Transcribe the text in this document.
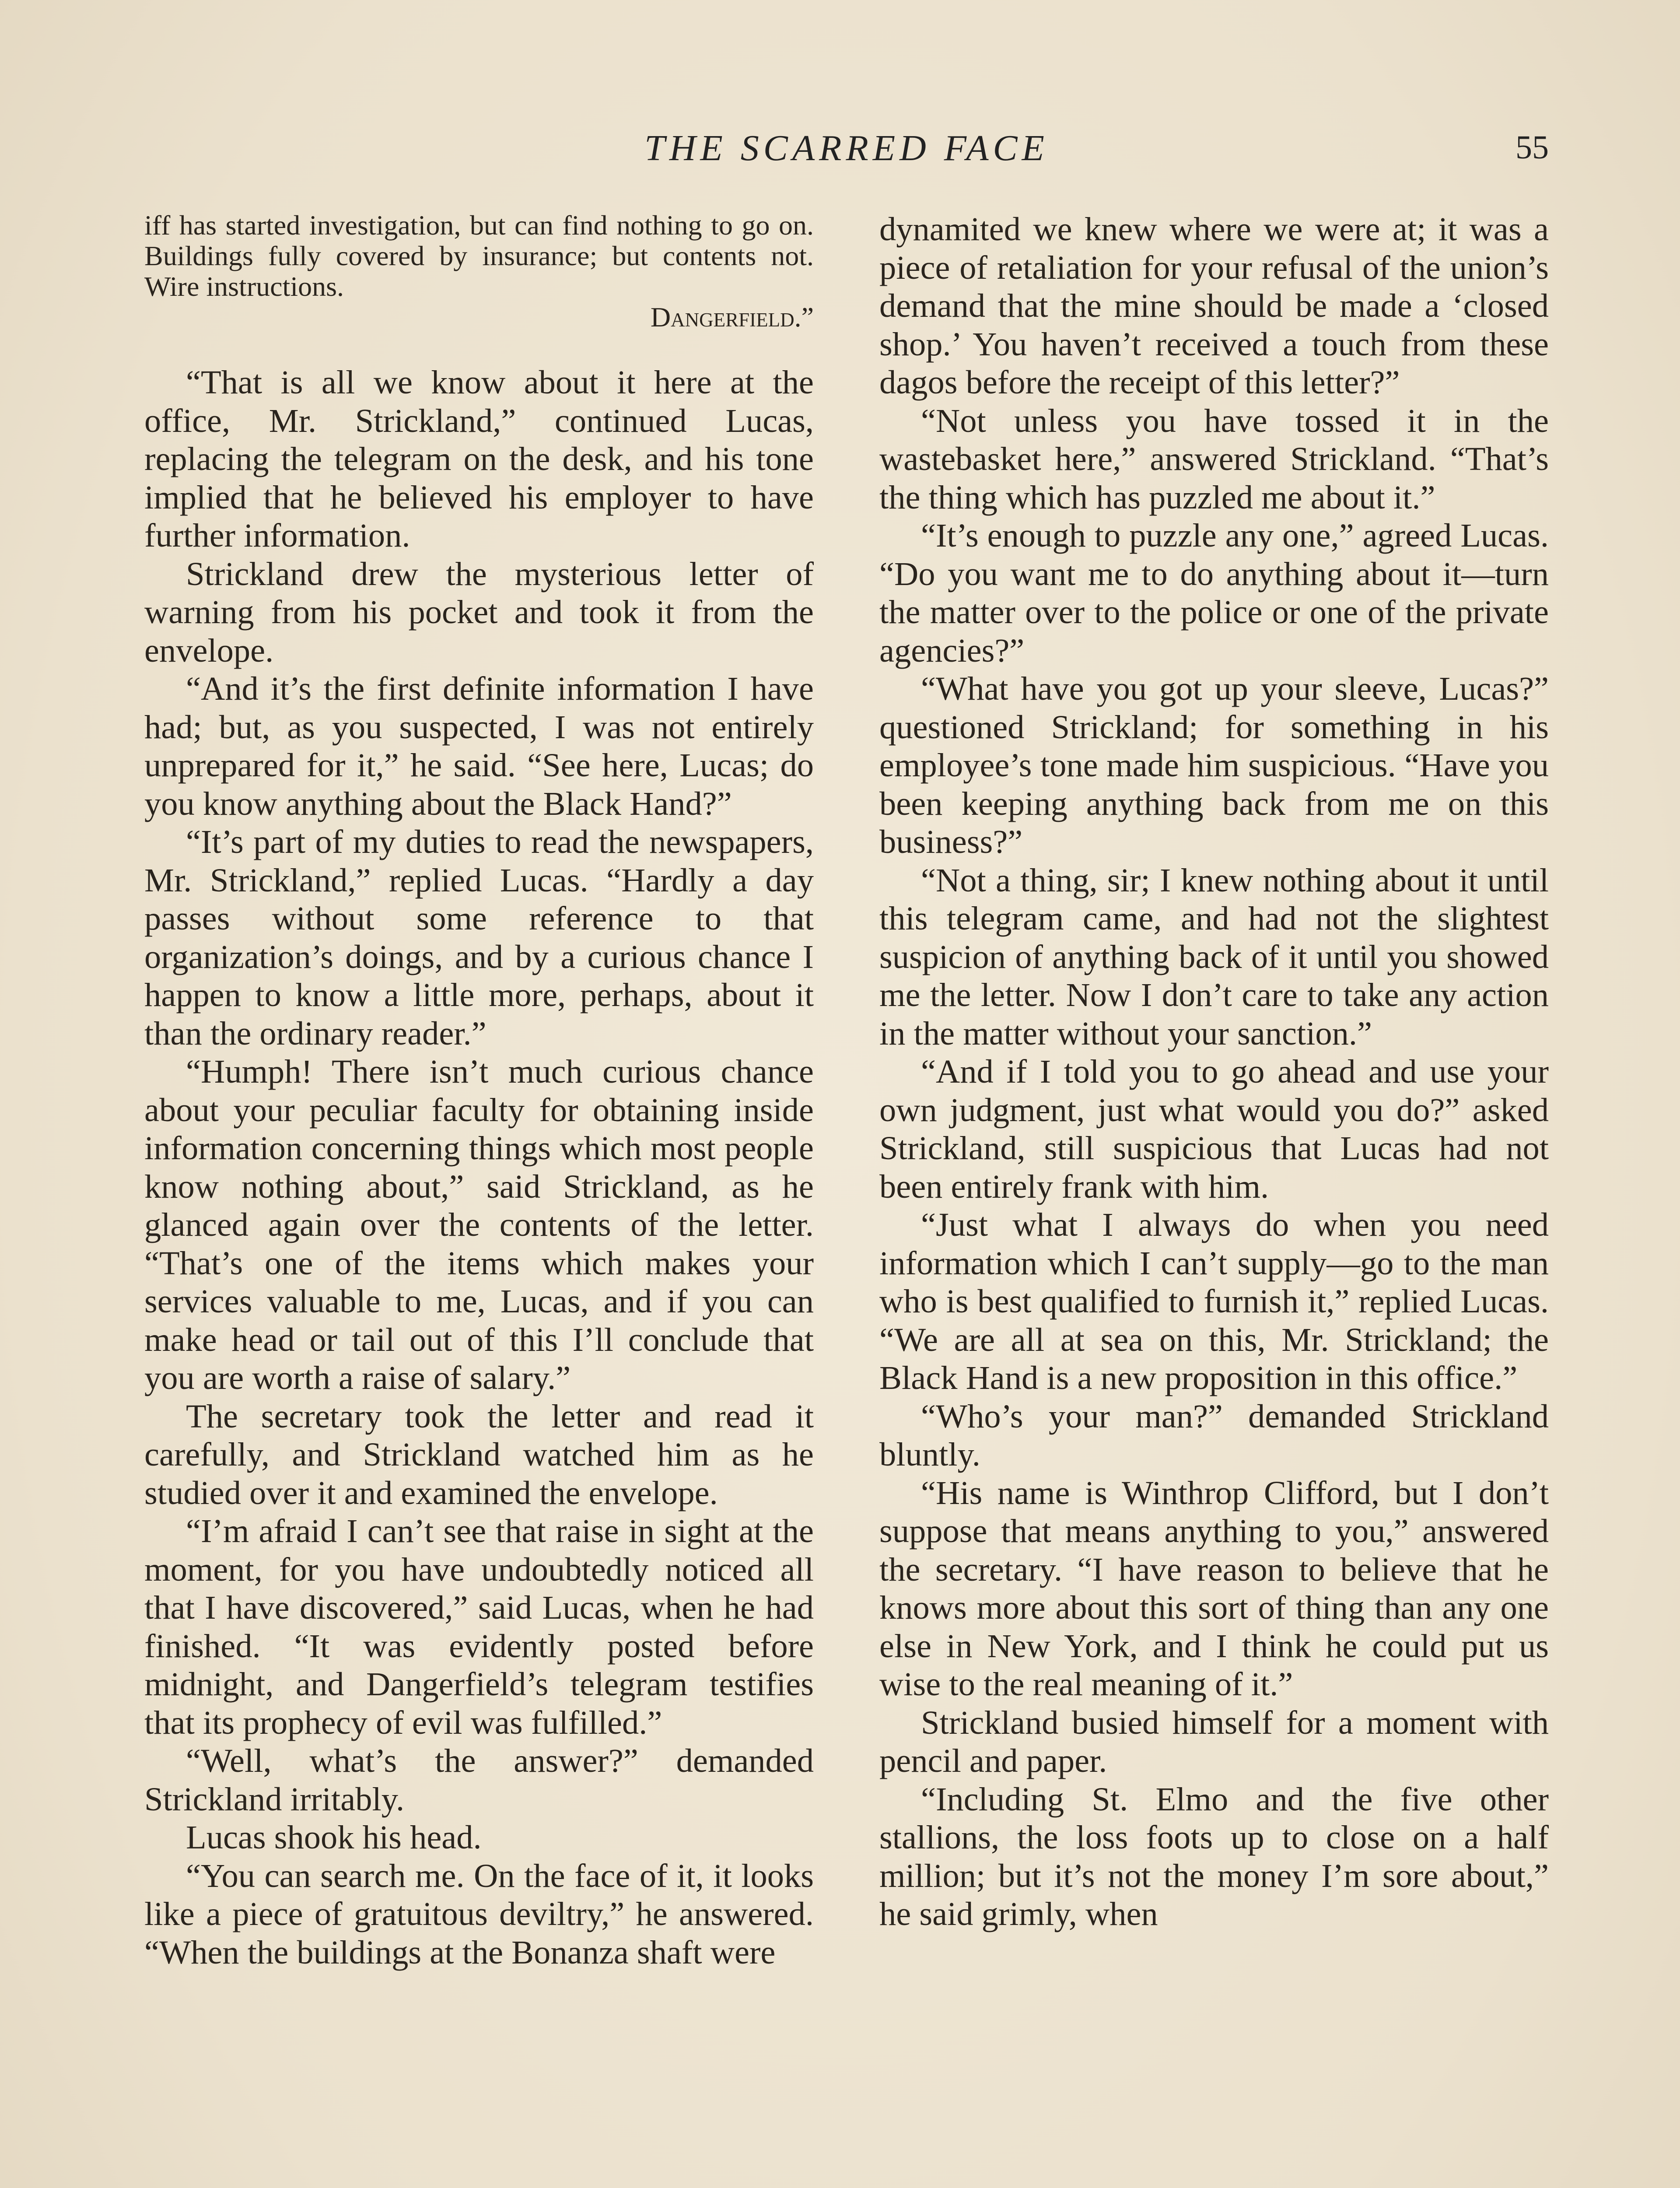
THE SCARRED FACE	55

iff has started investigation, but can find nothing to go on. Buildings fully covered by insurance; but contents not. Wire instructions.
Dangerfield.”

“That is all we know about it here at the office, Mr. Strickland,” continued Lucas, replacing the telegram on the desk, and his tone implied that he believed his employer to have further information.

Strickland drew the mysterious letter of warning from his pocket and took it from the envelope.

“And it’s the first definite information I have had; but, as you suspected, I was not entirely unprepared for it,” he said. “See here, Lucas; do you know anything about the Black Hand?”

“It’s part of my duties to read the newspapers, Mr. Strickland,” replied Lucas. “Hardly a day passes without some reference to that organization’s doings, and by a curious chance I happen to know a little more, perhaps, about it than the ordinary reader.”

“Humph! There isn’t much curious chance about your peculiar faculty for obtaining inside information concerning things which most people know nothing about,” said Strickland, as he glanced again over the contents of the letter. “That’s one of the items which makes your services valuable to me, Lucas, and if you can make head or tail out of this I’ll conclude that you are worth a raise of salary.”

The secretary took the letter and read it carefully, and Strickland watched him as he studied over it and examined the envelope.

“I’m afraid I can’t see that raise in sight at the moment, for you have undoubtedly noticed all that I have discovered,” said Lucas, when he had finished. “It was evidently posted before midnight, and Dangerfield’s telegram testifies that its prophecy of evil was fulfilled.”

“Well, what’s the answer?” demanded Strickland irritably.

Lucas shook his head.

“You can search me. On the face of it, it looks like a piece of gratuitous deviltry,” he answered. “When the buildings at the Bonanza shaft were

dynamited we knew where we were at; it was a piece of retaliation for your refusal of the union’s demand that the mine should be made a ‘closed shop.’ You haven’t received a touch from these dagos before the receipt of this letter?”

“Not unless you have tossed it in the wastebasket here,” answered Strickland. “That’s the thing which has puzzled me about it.”

“It’s enough to puzzle any one,” agreed Lucas. “Do you want me to do anything about it—turn the matter over to the police or one of the private agencies?”

“What have you got up your sleeve, Lucas?” questioned Strickland; for something in his employee’s tone made him suspicious. “Have you been keeping anything back from me on this business?”

“Not a thing, sir; I knew nothing about it until this telegram came, and had not the slightest suspicion of anything back of it until you showed me the letter. Now I don’t care to take any action in the matter without your sanction.”

“And if I told you to go ahead and use your own judgment, just what would you do?” asked Strickland, still suspicious that Lucas had not been entirely frank with him.

“Just what I always do when you need information which I can’t supply—go to the man who is best qualified to furnish it,” replied Lucas. “We are all at sea on this, Mr. Strickland; the Black Hand is a new proposition in this office.”

“Who’s your man?” demanded Strickland bluntly.

“His name is Winthrop Clifford, but I don’t suppose that means anything to you,” answered the secretary. “I have reason to believe that he knows more about this sort of thing than any one else in New York, and I think he could put us wise to the real meaning of it.”

Strickland busied himself for a moment with pencil and paper.

“Including St. Elmo and the five other stallions, the loss foots up to close on a half million; but it’s not the money I’m sore about,” he said grimly, when
